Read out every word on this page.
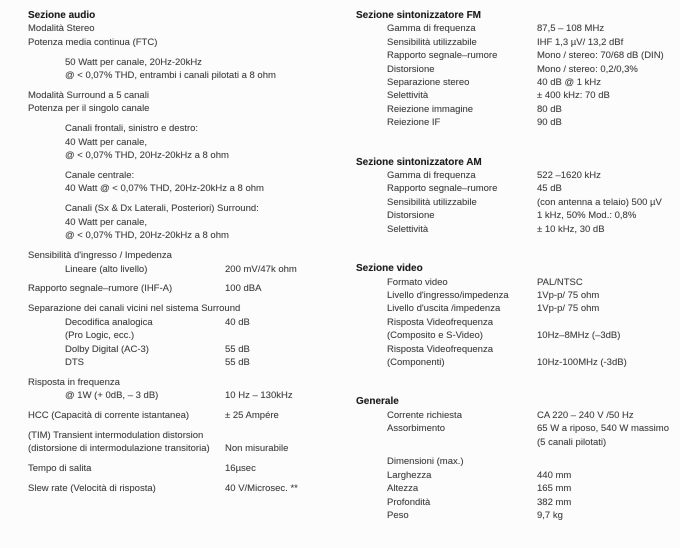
Sezione audio
Modalità Stereo
Potenza media continua (FTC)
50 Watt per canale, 20Hz-20kHz
@ < 0,07% THD, entrambi i canali pilotati a 8 ohm
Modalità Surround a 5 canali
Potenza per il singolo canale
Canali frontali, sinistro e destro:
40 Watt per canale,
@ < 0,07% THD, 20Hz-20kHz a 8 ohm
Canale centrale:
40 Watt @ < 0,07% THD, 20Hz-20kHz a 8 ohm
Canali (Sx & Dx Laterali, Posteriori) Surround:
40 Watt per canale,
@ < 0,07% THD, 20Hz-20kHz a 8 ohm
Sensibilità d'ingresso / Impedenza
Lineare (alto livello)	200 mV/47k ohm
Rapporto segnale–rumore (IHF-A)	100 dBA
Separazione dei canali vicini nel sistema Surround
Decodifica analogica	40 dB
(Pro Logic, ecc.)
Dolby Digital (AC-3)	55 dB
DTS	55 dB
Risposta in frequenza
@ 1W (+ 0dB, – 3 dB)	10 Hz – 130kHz
HCC (Capacità di corrente istantanea)	± 25 Ampére
(TIM) Transient intermodulation distorsion
(distorsione di intermodulazione transitoria) Non misurabile
Tempo di salita	16µsec
Slew rate (Velocità di risposta)	40 V/Microsec. **
Sezione sintonizzatore FM
Gamma di frequenza	87,5 – 108 MHz
Sensibilità utilizzabile	IHF 1,3 µV/ 13,2 dBf
Rapporto segnale–rumore	Mono / stereo: 70/68 dB (DIN)
Distorsione	Mono / stereo: 0,2/0,3%
Separazione stereo	40 dB @ 1 kHz
Selettività	± 400 kHz: 70 dB
Reiezione immagine	80 dB
Reiezione IF	90 dB
Sezione sintonizzatore AM
Gamma di frequenza	522 –1620 kHz
Rapporto segnale–rumore	45 dB
Sensibilità utilizzabile	(con antenna a telaio) 500 µV
Distorsione	1 kHz, 50% Mod.: 0,8%
Selettività	± 10 kHz, 30 dB
Sezione video
Formato video	PAL/NTSC
Livello d'ingresso/impedenza	1Vp-p/ 75 ohm
Livello d'uscita /impedenza	1Vp-p/ 75 ohm
Risposta Videofrequenza
(Composito e S-Video)	10Hz–8MHz (–3dB)
Risposta Videofrequenza
(Componenti)	10Hz-100MHz (-3dB)
Generale
Corrente richiesta	CA 220 – 240 V /50 Hz
Assorbimento	65 W a riposo, 540 W massimo
(5 canali pilotati)
Dimensioni (max.)
Larghezza	440 mm
Altezza	165 mm
Profondità	382 mm
Peso	9,7 kg
